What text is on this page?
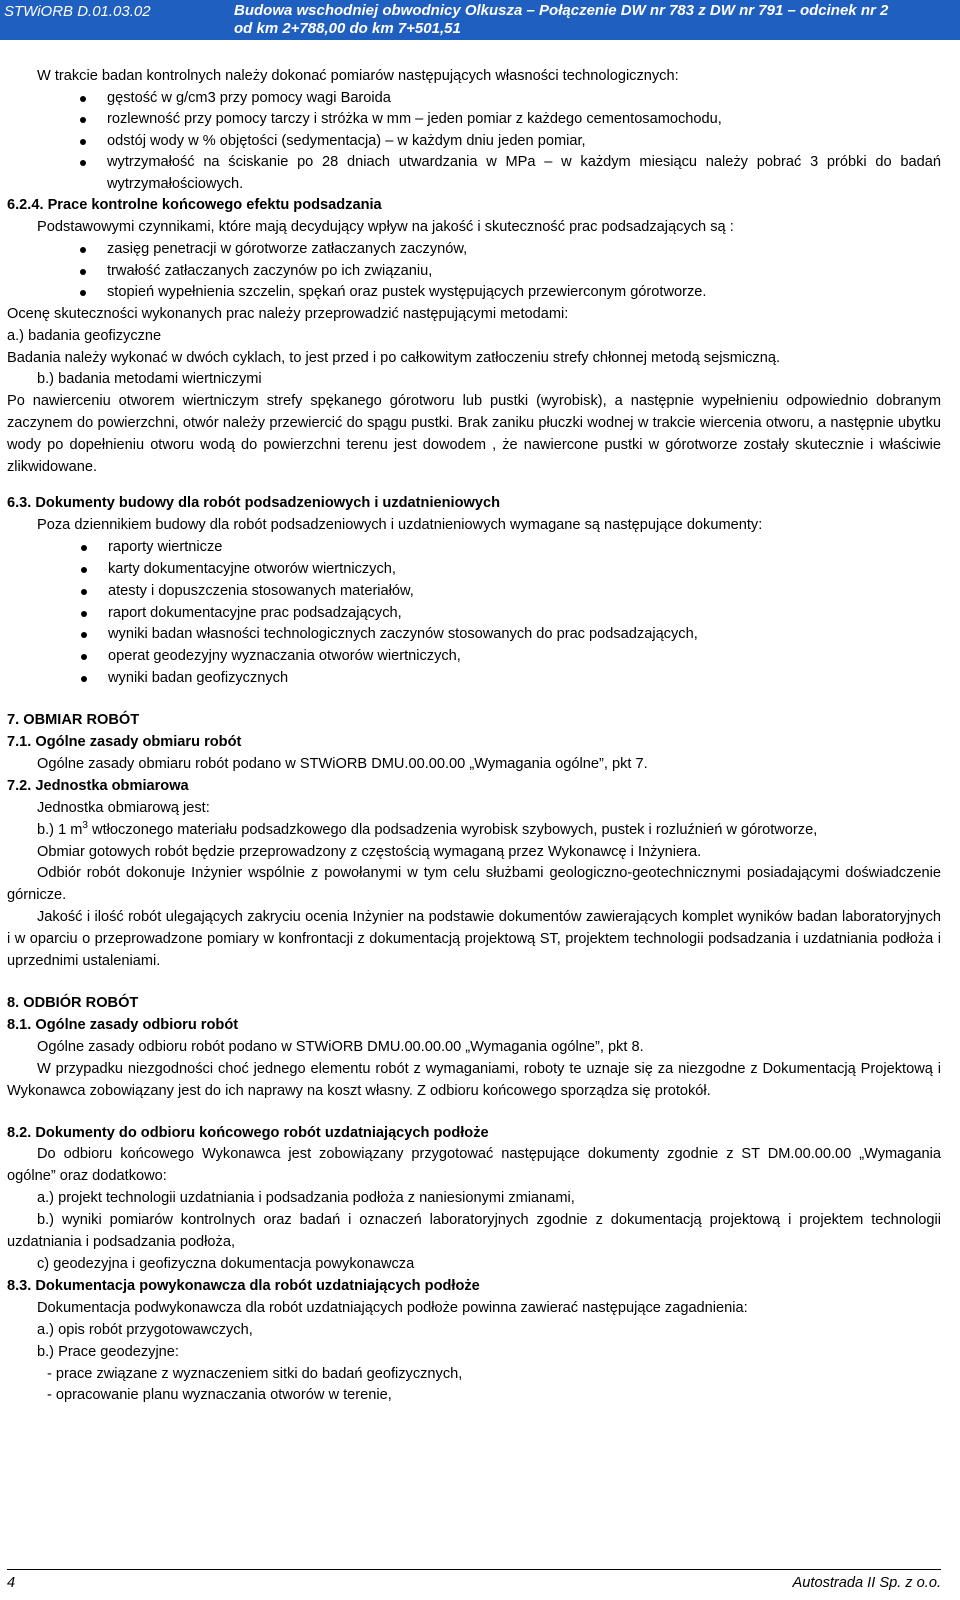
STWiORB D.01.03.02	Budowa wschodniej obwodnicy Olkusza – Połączenie DW nr 783 z DW nr 791 – odcinek nr 2
od km 2+788,00 do km 7+501,51

W trakcie badan kontrolnych należy dokonać pomiarów następujących własności technologicznych:

gęstość w g/cm3 przy pomocy wagi Baroida
rozlewność przy pomocy tarczy i stróżka w mm – jeden pomiar z każdego cementosamochodu,
odstój wody w % objętości (sedymentacja) – w każdym dniu jeden pomiar,
wytrzymałość na ściskanie po 28 dniach utwardzania w MPa – w każdym miesiącu należy pobrać 3 próbki do badań wytrzymałościowych.

6.2.4. Prace kontrolne końcowego efektu podsadzania

Podstawowymi czynnikami, które mają decydujący wpływ na jakość i skuteczność prac podsadzających są :

zasięg penetracji w górotworze zatłaczanych zaczynów,
trwałość zatłaczanych zaczynów po ich związaniu,
stopień wypełnienia szczelin, spękań oraz pustek występujących przewierconym górotworze.

Ocenę skuteczności wykonanych prac należy przeprowadzić następującymi metodami:

a.) badania geofizyczne

Badania należy wykonać w dwóch cyklach, to jest przed i po całkowitym zatłoczeniu strefy chłonnej metodą sejsmiczną.

b.) badania metodami wiertniczymi

Po nawierceniu otworem wiertniczym strefy spękanego górotworu lub pustki (wyrobisk), a następnie wypełnieniu odpowiednio dobranym zaczynem do powierzchni, otwór należy przewiercić do spągu pustki. Brak zaniku płuczki wodnej w trakcie wiercenia otworu, a następnie ubytku wody po dopełnieniu otworu wodą do powierzchni terenu jest dowodem , że nawiercone pustki w górotworze zostały skutecznie i właściwie zlikwidowane.

6.3. Dokumenty budowy dla robót podsadzeniowych i uzdatnieniowych

Poza dziennikiem budowy dla robót podsadzeniowych i uzdatnieniowych wymagane są następujące dokumenty:

raporty wiertnicze
karty dokumentacyjne otworów wiertniczych,
atesty i dopuszczenia stosowanych materiałów,
raport dokumentacyjne prac podsadzających,
wyniki badan własności technologicznych zaczynów stosowanych do prac podsadzających,
operat geodezyjny wyznaczania otworów wiertniczych,
wyniki badan geofizycznych

7. OBMIAR ROBÓT

7.1. Ogólne zasady obmiaru robót

Ogólne zasady obmiaru robót podano w STWiORB DMU.00.00.00 „Wymagania ogólne”, pkt 7.

7.2. Jednostka obmiarowa

Jednostka obmiarową jest:

b.) 1 $m^3$ wtłoczonego materiału podsadzkowego dla podsadzenia wyrobisk szybowych, pustek i rozluźnień w górotworze,

Obmiar gotowych robót będzie przeprowadzony z częstością wymaganą przez Wykonawcę i Inżyniera.

Odbiór robót dokonuje Inżynier wspólnie z powołanymi w tym celu służbami geologiczno-geotechnicznymi posiadającymi doświadczenie górnicze.

Jakość i ilość robót ulegających zakryciu ocenia Inżynier na podstawie dokumentów zawierających komplet wyników badan laboratoryjnych i w oparciu o przeprowadzone pomiary w konfrontacji z dokumentacją projektową ST, projektem technologii podsadzania i uzdatniania podłoża i uprzednimi ustaleniami.

8. ODBIÓR ROBÓT

8.1. Ogólne zasady odbioru robót

Ogólne zasady odbioru robót podano w STWiORB DMU.00.00.00 „Wymagania ogólne”, pkt 8.

W przypadku niezgodności choć jednego elementu robót z wymaganiami, roboty te uznaje się za niezgodne z Dokumentacją Projektową i Wykonawca zobowiązany jest do ich naprawy na koszt własny. Z odbioru końcowego sporządza się protokół.

8.2. Dokumenty do odbioru końcowego robót uzdatniających podłoże

Do odbioru końcowego Wykonawca jest zobowiązany przygotować następujące dokumenty zgodnie z ST DM.00.00.00 „Wymagania ogólne” oraz dodatkowo:

a.) projekt technologii uzdatniania i podsadzania podłoża z naniesionymi zmianami,

b.) wyniki pomiarów kontrolnych oraz badań i oznaczeń laboratoryjnych zgodnie z dokumentacją projektową i projektem technologii uzdatniania i podsadzania podłoża,

c) geodezyjna i geofizyczna dokumentacja powykonawcza

8.3. Dokumentacja powykonawcza dla robót uzdatniających podłoże

Dokumentacja podwykonawcza dla robót uzdatniających podłoże powinna zawierać następujące zagadnienia:

a.) opis robót przygotowawczych,

b.) Prace geodezyjne:

- prace związane z wyznaczeniem sitki do badań geofizycznych,

- opracowanie planu wyznaczania otworów w terenie,

4	Autostrada II Sp. z o.o.
